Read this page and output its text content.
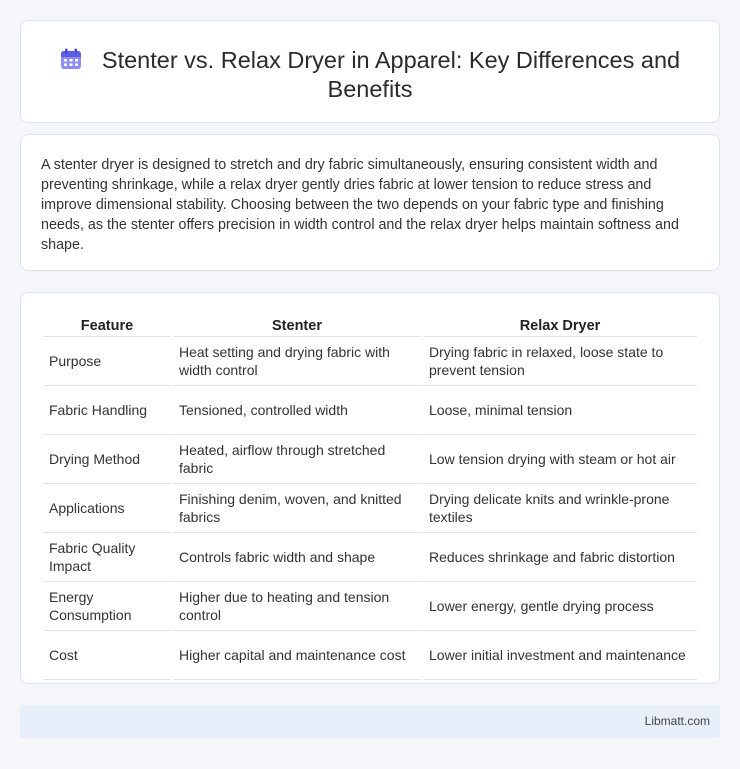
Stenter vs. Relax Dryer in Apparel: Key Differences and Benefits

A stenter dryer is designed to stretch and dry fabric simultaneously, ensuring consistent width and preventing shrinkage, while a relax dryer gently dries fabric at lower tension to reduce stress and improve dimensional stability. Choosing between the two depends on your fabric type and finishing needs, as the stenter offers precision in width control and the relax dryer helps maintain softness and shape.

Feature	Stenter	Relax Dryer
Purpose	Heat setting and drying fabric with width control	Drying fabric in relaxed, loose state to prevent tension
Fabric Handling	Tensioned, controlled width	Loose, minimal tension
Drying Method	Heated, airflow through stretched fabric	Low tension drying with steam or hot air
Applications	Finishing denim, woven, and knitted fabrics	Drying delicate knits and wrinkle-prone textiles
Fabric Quality Impact	Controls fabric width and shape	Reduces shrinkage and fabric distortion
Energy Consumption	Higher due to heating and tension control	Lower energy, gentle drying process
Cost	Higher capital and maintenance cost	Lower initial investment and maintenance
Libmatt.com
